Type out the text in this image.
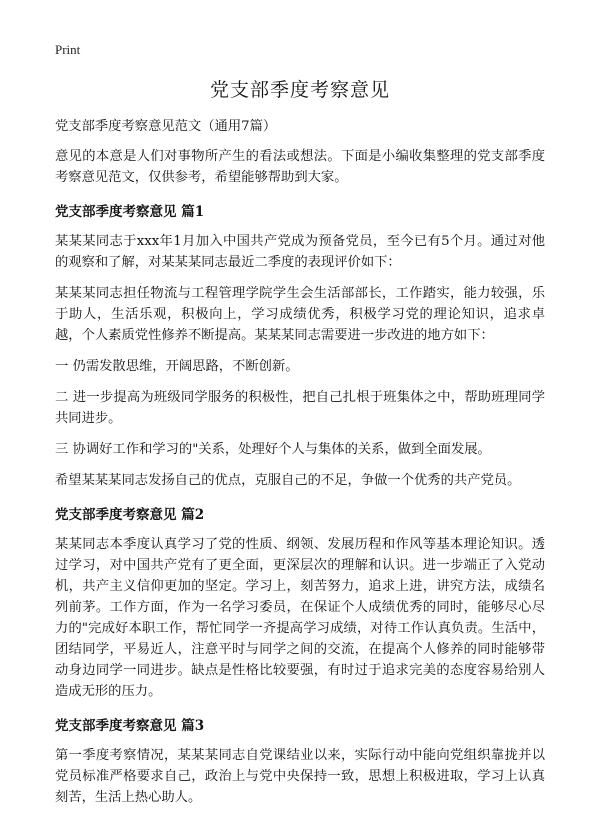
Print
党支部季度考察意见

党支部季度考察意见范文（通用7篇）

意见的本意是人们对事物所产生的看法或想法。下面是小编收集整理的党支部季度考察意见范文，仅供参考，希望能够帮助到大家。

党支部季度考察意见 篇1

某某某同志于xxx年1月加入中国共产党成为预备党员，至今已有5个月。通过对他的观察和了解，对某某某同志最近二季度的表现评价如下：

某某某同志担任物流与工程管理学院学生会生活部部长，工作踏实，能力较强，乐于助人，生活乐观，积极向上，学习成绩优秀，积极学习党的理论知识，追求卓越，个人素质党性修养不断提高。某某某同志需要进一步改进的地方如下：

一 仍需发散思维，开阔思路，不断创新。

二 进一步提高为班级同学服务的积极性，把自己扎根于班集体之中，帮助班理同学共同进步。

三 协调好工作和学习的"关系，处理好个人与集体的关系，做到全面发展。

希望某某某同志发扬自己的优点，克服自己的不足，争做一个优秀的共产党员。

党支部季度考察意见 篇2

某某同志本季度认真学习了党的性质、纲领、发展历程和作风等基本理论知识。透过学习，对中国共产党有了更全面，更深层次的理解和认识。进一步端正了入党动机，共产主义信仰更加的坚定。学习上，刻苦努力，追求上进，讲究方法，成绩名列前茅。工作方面，作为一名学习委员，在保证个人成绩优秀的同时，能够尽心尽力的"完成好本职工作，帮忙同学一齐提高学习成绩，对待工作认真负责。生活中，团结同学，平易近人，注意平时与同学之间的交流，在提高个人修养的同时能够带动身边同学一同进步。缺点是性格比较要强，有时过于追求完美的态度容易给别人造成无形的压力。

党支部季度考察意见 篇3

第一季度考察情况，某某某同志自党课结业以来，实际行动中能向党组织靠拢并以党员标准严格要求自己，政治上与党中央保持一致，思想上积极进取，学习上认真刻苦，生活上热心助人。
